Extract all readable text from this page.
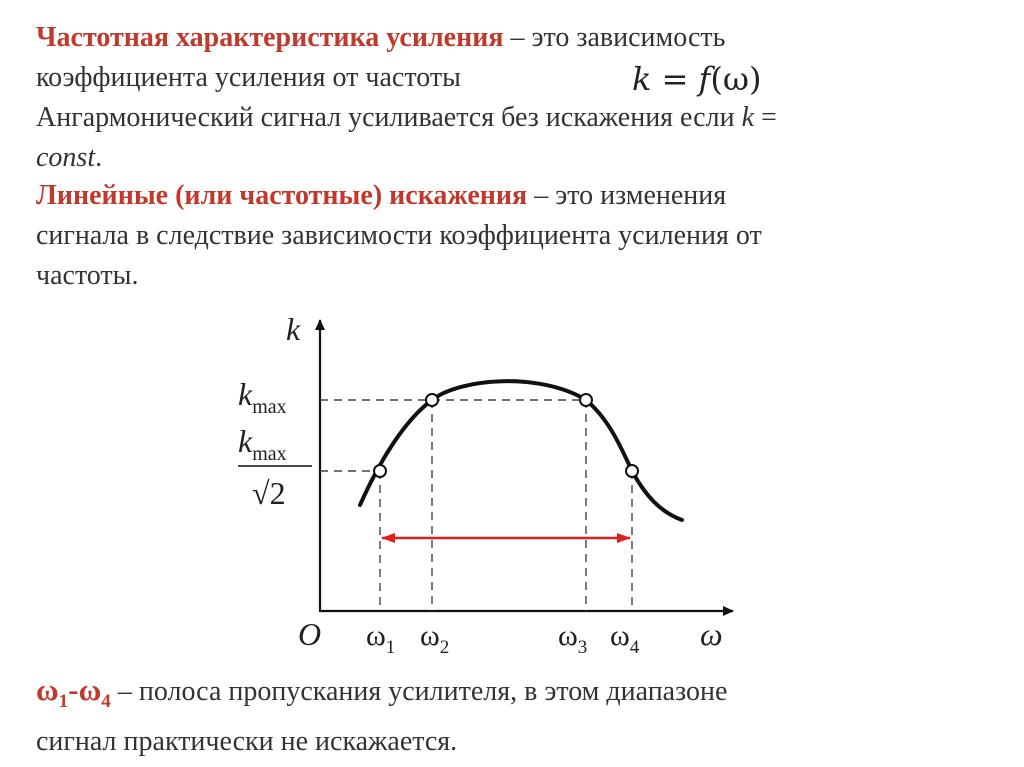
Частотная характеристика усиления – это зависимость
коэффициента усиления от частоты
Ангармонический сигнал усиливается без искажения если k =
const.

k = f(ω)

Линейные (или частотные) искажения – это изменения
сигнала в следствие зависимости коэффициента усиления от
частоты.

k
O	ω
$k_{max}$
$k_{max}$
√2
$\omega_1$ $\omega_2$	$\omega_3$ $\omega_4$

$\omega_1-\omega_4$ – полоса пропускания усилителя, в этом диапазоне
сигнал практически не искажается.
